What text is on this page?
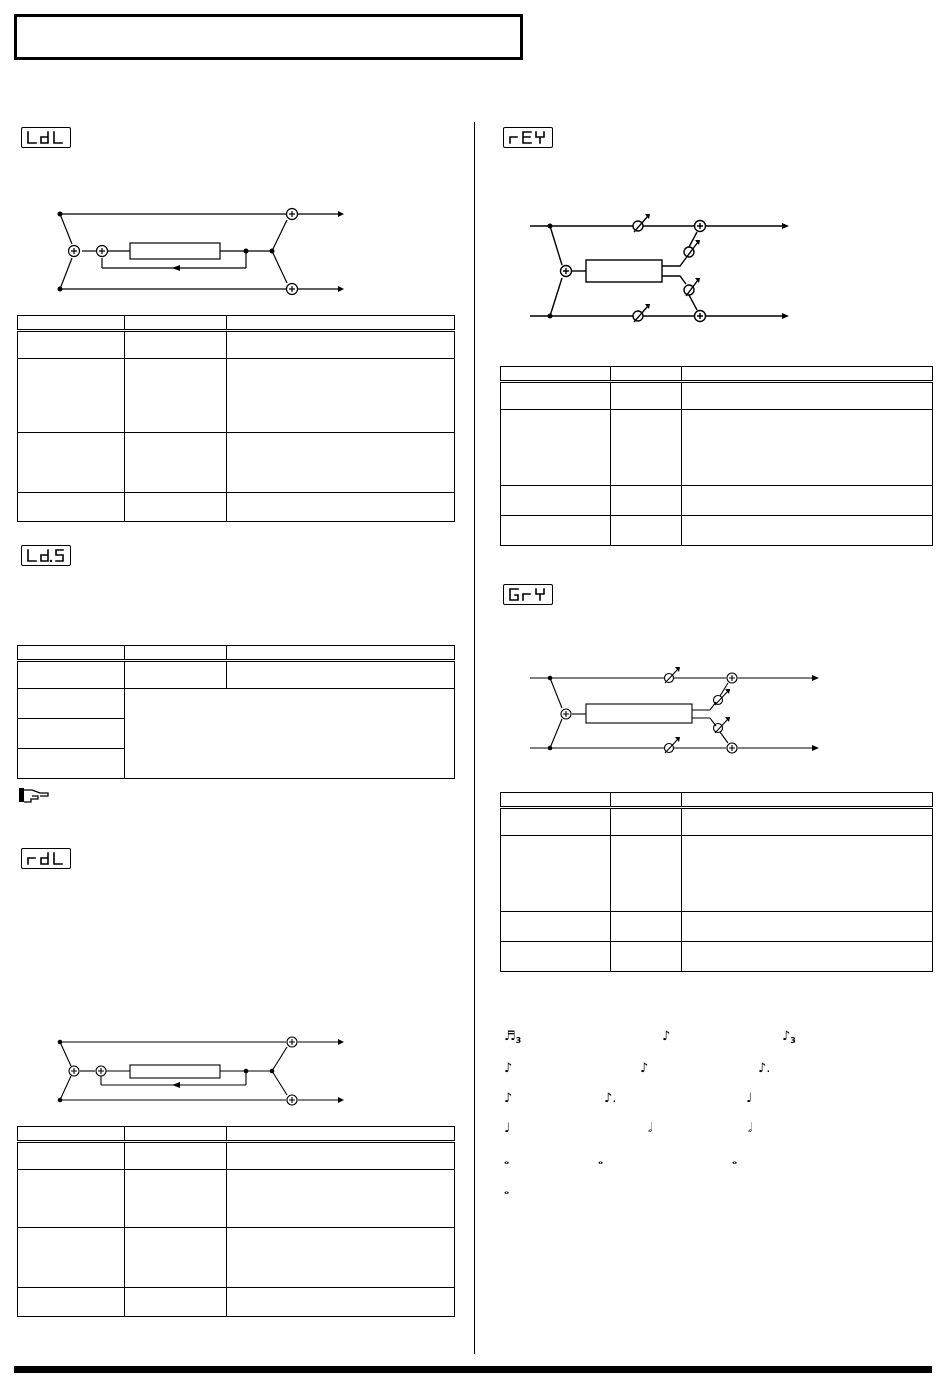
$♬_3$	♪	$♪_3$
♪	♪	♪.
♪	♪.	♩
♩	𝅗𝅥	𝅗𝅥
𝅝	𝅝	𝅝
𝅝
